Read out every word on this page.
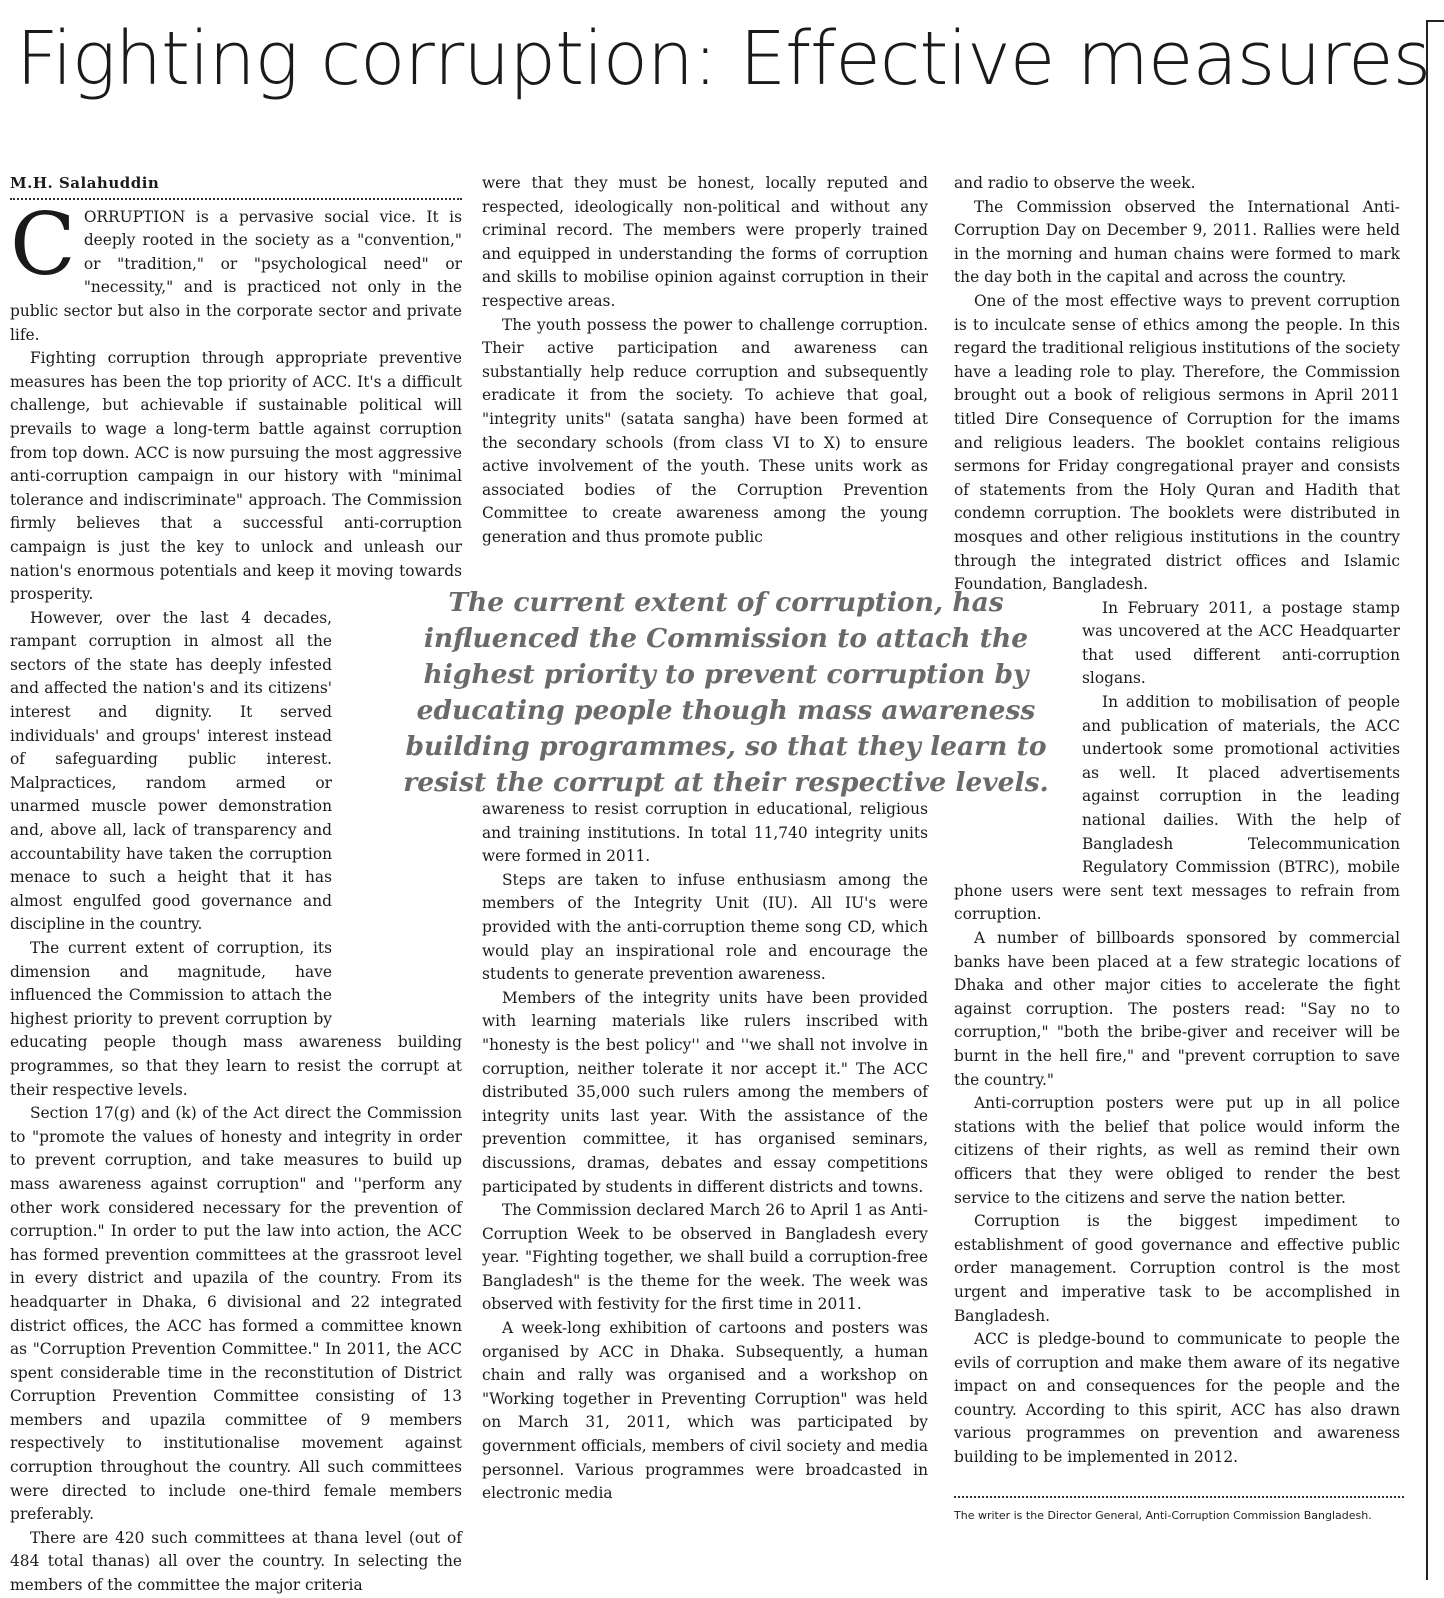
Fighting corruption: Effective measures
M.H. Salahuddin

CORRUPTION is a pervasive social vice. It is deeply rooted in the society as a "convention," or "tradition," or "psychological need" or "necessity," and is practiced not only in the public sector but also in the corporate sector and private life.

Fighting corruption through appropriate preventive measures has been the top priority of ACC. It's a difficult challenge, but achievable if sustainable political will prevails to wage a long-term battle against corruption from top down. ACC is now pursuing the most aggressive anti-corruption campaign in our history with "minimal tolerance and indiscriminate" approach. The Commission firmly believes that a successful anti-corruption campaign is just the key to unlock and unleash our nation's enormous potentials and keep it moving towards prosperity.

However, over the last 4 decades, rampant corruption in almost all the sectors of the state has deeply infested and affected the nation's and its citizens' interest and dignity. It served individuals' and groups' interest instead of safeguarding public interest. Malpractices, random armed or unarmed muscle power demonstration and, above all, lack of transparency and accountability have taken the corruption menace to such a height that it has almost engulfed good governance and discipline in the country.

The current extent of corruption, its dimension and magnitude, have influenced the Commission to attach the highest priority to prevent corruption by educating people though mass awareness building programmes, so that they learn to resist the corrupt at their respective levels.

Section 17(g) and (k) of the Act direct the Commission to "promote the values of honesty and integrity in order to prevent corruption, and take measures to build up mass awareness against corruption" and ''perform any other work considered necessary for the prevention of corruption." In order to put the law into action, the ACC has formed prevention committees at the grassroot level in every district and upazila of the country. From its headquarter in Dhaka, 6 divisional and 22 integrated district offices, the ACC has formed a committee known as "Corruption Prevention Committee." In 2011, the ACC spent considerable time in the reconstitution of District Corruption Prevention Committee consisting of 13 members and upazila committee of 9 members respectively to institutionalise movement against corruption throughout the country. All such committees were directed to include one-third female members preferably.

There are 420 such committees at thana level (out of 484 total thanas) all over the country. In selecting the members of the committee the major criteria

were that they must be honest, locally reputed and respected, ideologically non-political and without any criminal record. The members were properly trained and equipped in understanding the forms of corruption and skills to mobilise opinion against corruption in their respective areas.

The youth possess the power to challenge corruption. Their active participation and awareness can substantially help reduce corruption and subsequently eradicate it from the society. To achieve that goal, "integrity units" (satata sangha) have been formed at the secondary schools (from class VI to X) to ensure active involvement of the youth. These units work as associated bodies of the Corruption Prevention Committee to create awareness among the young generation and thus promote public

The current extent of corruption, has influenced the Commission to attach the highest priority to prevent corruption by educating people though mass awareness building programmes, so that they learn to resist the corrupt at their respective levels.

awareness to resist corruption in educational, religious and training institutions. In total 11,740 integrity units were formed in 2011.

Steps are taken to infuse enthusiasm among the members of the Integrity Unit (IU). All IU's were provided with the anti-corruption theme song CD, which would play an inspirational role and encourage the students to generate prevention awareness.

Members of the integrity units have been provided with learning materials like rulers inscribed with "honesty is the best policy'' and ''we shall not involve in corruption, neither tolerate it nor accept it." The ACC distributed 35,000 such rulers among the members of integrity units last year. With the assistance of the prevention committee, it has organised seminars, discussions, dramas, debates and essay competitions participated by students in different districts and towns.

The Commission declared March 26 to April 1 as Anti-Corruption Week to be observed in Bangladesh every year. "Fighting together, we shall build a corruption-free Bangladesh" is the theme for the week. The week was observed with festivity for the first time in 2011.

A week-long exhibition of cartoons and posters was organised by ACC in Dhaka. Subsequently, a human chain and rally was organised and a workshop on "Working together in Preventing Corruption" was held on March 31, 2011, which was participated by government officials, members of civil society and media personnel. Various programmes were broadcasted in electronic media

and radio to observe the week.

The Commission observed the International Anti-Corruption Day on December 9, 2011. Rallies were held in the morning and human chains were formed to mark the day both in the capital and across the country.

One of the most effective ways to prevent corruption is to inculcate sense of ethics among the people. In this regard the traditional religious institutions of the society have a leading role to play. Therefore, the Commission brought out a book of religious sermons in April 2011 titled Dire Consequence of Corruption for the imams and religious leaders. The booklet contains religious sermons for Friday congregational prayer and consists of statements from the Holy Quran and Hadith that condemn corruption. The booklets were distributed in mosques and other religious institutions in the country through the integrated district offices and Islamic Foundation, Bangladesh.

In February 2011, a postage stamp was uncovered at the ACC Headquarter that used different anti-corruption slogans.

In addition to mobilisation of people and publication of materials, the ACC undertook some promotional activities as well. It placed advertisements against corruption in the leading national dailies. With the help of Bangladesh Telecommunication Regulatory Commission (BTRC), mobile phone users were sent text messages to refrain from corruption.

A number of billboards sponsored by commercial banks have been placed at a few strategic locations of Dhaka and other major cities to accelerate the fight against corruption. The posters read: "Say no to corruption," "both the bribe-giver and receiver will be burnt in the hell fire," and "prevent corruption to save the country."

Anti-corruption posters were put up in all police stations with the belief that police would inform the citizens of their rights, as well as remind their own officers that they were obliged to render the best service to the citizens and serve the nation better.

Corruption is the biggest impediment to establishment of good governance and effective public order management. Corruption control is the most urgent and imperative task to be accomplished in Bangladesh.

ACC is pledge-bound to communicate to people the evils of corruption and make them aware of its negative impact on and consequences for the people and the country. According to this spirit, ACC has also drawn various programmes on prevention and awareness building to be implemented in 2012.

The writer is the Director General, Anti-Corruption Commission Bangladesh.
